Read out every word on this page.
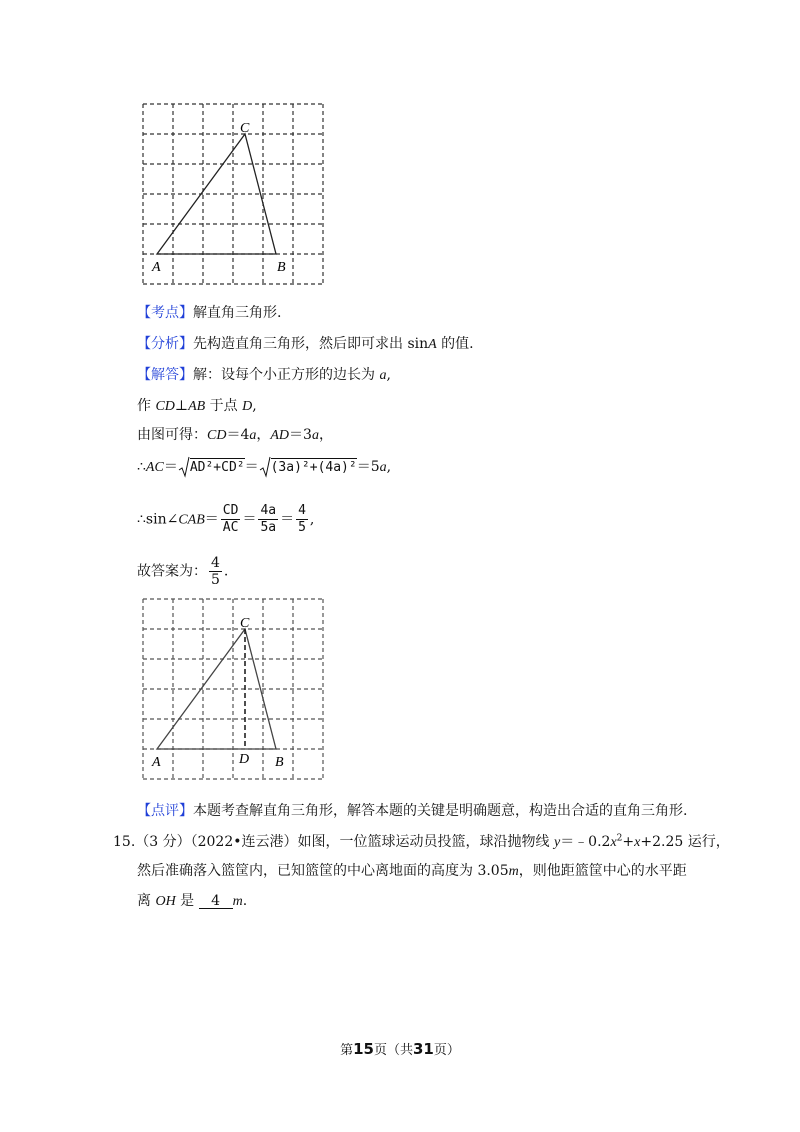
A	B
C
【考点】解直角三角形.
【分析】先构造直角三角形，然后即可求出 sinA 的值.
【解答】解：设每个小正方形的边长为 a,
作 CD⊥AB 于点 D,
由图可得：CD＝4a，AD＝3a，
∴AC＝ AD²+CD²＝ (3a)²+(4a)²＝5a,
∴sin∠CAB＝ $\frac{CD}{AC} = \frac{4a}{5a} = \frac{4}{5}$ ,
故答案为： $\frac{4}{5}$ .
A	B
C
D
【点评】本题考查解直角三角形，解答本题的关键是明确题意，构造出合适的直角三角形.
15.（3 分）（2022•连云港）如图，一位篮球运动员投篮，球沿抛物线 $y=﹣0.2x^2+x+2.25$ 运行，
然后准确落入篮筐内，已知篮筐的中心离地面的高度为 3.05m，则他距篮筐中心的水平距
离 OH 是 4 m.
第15页（共31页）
